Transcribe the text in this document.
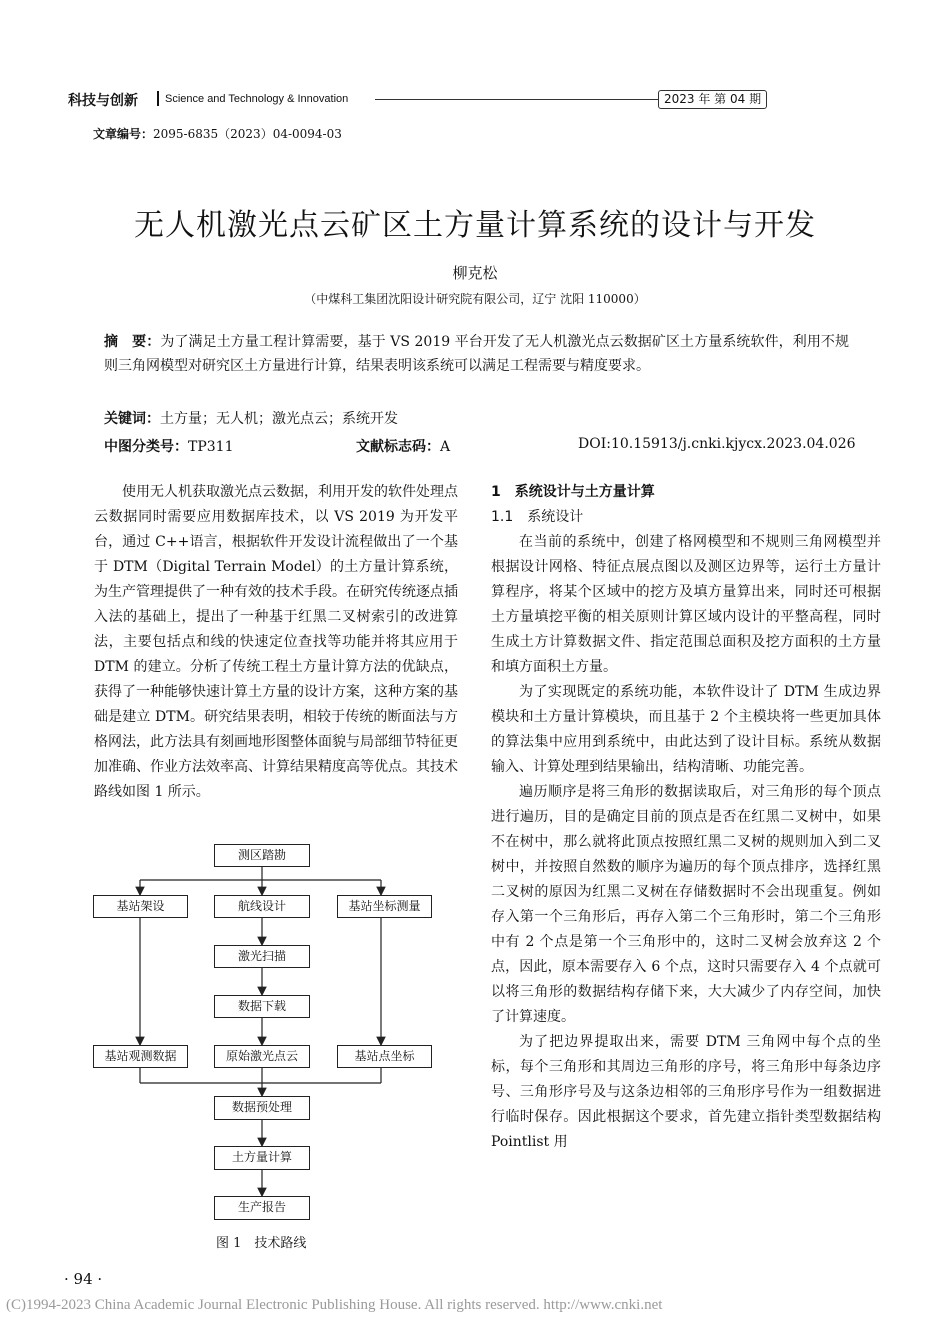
科技与创新 Science and Technology & Innovation	2023 年 第 04 期
文章编号：2095-6835（2023）04-0094-03
无人机激光点云矿区土方量计算系统的设计与开发
柳克松
（中煤科工集团沈阳设计研究院有限公司，辽宁 沈阳 110000）
摘　要：为了满足土方量工程计算需要，基于 VS 2019 平台开发了无人机激光点云数据矿区土方量系统软件，利用不规则三角网模型对研究区土方量进行计算，结果表明该系统可以满足工程需要与精度要求。
关键词：土方量；无人机；激光点云；系统开发
中图分类号：TP311	文献标志码：A	DOI:10.15913/j.cnki.kjycx.2023.04.026

使用无人机获取激光点云数据，利用开发的软件处理点云数据同时需要应用数据库技术，以 VS 2019 为开发平台，通过 C++语言，根据软件开发设计流程做出了一个基于 DTM（Digital Terrain Model）的土方量计算系统，为生产管理提供了一种有效的技术手段。在研究传统逐点插入法的基础上，提出了一种基于红黑二叉树索引的改进算法，主要包括点和线的快速定位查找等功能并将其应用于 DTM 的建立。分析了传统工程土方量计算方法的优缺点，获得了一种能够快速计算土方量的设计方案，这种方案的基础是建立 DTM。研究结果表明，相较于传统的断面法与方格网法，此方法具有刻画地形图整体面貌与局部细节特征更加准确、作业方法效率高、计算结果精度高等优点。其技术路线如图 1 所示。

测区踏勘
基站架设	航线设计	基站坐标测量
激光扫描
数据下载
基站观测数据	原始激光点云	基站点坐标
数据预处理
土方量计算
生产报告
图 1　技术路线

1　系统设计与土方量计算

1.1　系统设计

在当前的系统中，创建了格网模型和不规则三角网模型并根据设计网格、特征点展点图以及测区边界等，运行土方量计算程序，将某个区域中的挖方及填方量算出来，同时还可根据土方量填挖平衡的相关原则计算区域内设计的平整高程，同时生成土方计算数据文件、指定范围总面积及挖方面积的土方量和填方面积土方量。

为了实现既定的系统功能，本软件设计了 DTM 生成边界模块和土方量计算模块，而且基于 2 个主模块将一些更加具体的算法集中应用到系统中，由此达到了设计目标。系统从数据输入、计算处理到结果输出，结构清晰、功能完善。

遍历顺序是将三角形的数据读取后，对三角形的每个顶点进行遍历，目的是确定目前的顶点是否在红黑二叉树中，如果不在树中，那么就将此顶点按照红黑二叉树的规则加入到二叉树中，并按照自然数的顺序为遍历的每个顶点排序，选择红黑二叉树的原因为红黑二叉树在存储数据时不会出现重复。例如存入第一个三角形后，再存入第二个三角形时，第二个三角形中有 2 个点是第一个三角形中的，这时二叉树会放弃这 2 个点，因此，原本需要存入 6 个点，这时只需要存入 4 个点就可以将三角形的数据结构存储下来，大大减少了内存空间，加快了计算速度。

为了把边界提取出来，需要 DTM 三角网中每个点的坐标，每个三角形和其周边三角形的序号，将三角形中每条边序号、三角形序号及与这条边相邻的三角形序号作为一组数据进行临时保存。因此根据这个要求，首先建立指针类型数据结构 Pointlist 用

· 94 ·
(C)1994-2023 China Academic Journal Electronic Publishing House. All rights reserved. http://www.cnki.net
